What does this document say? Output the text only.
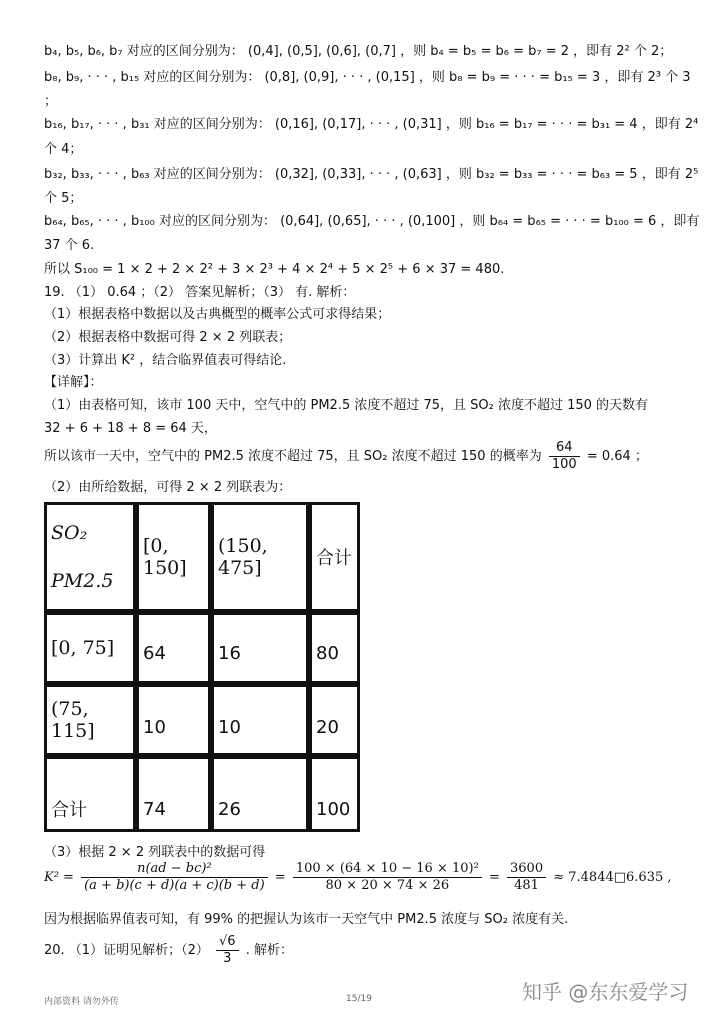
b₄, b₅, b₆, b₇ 对应的区间分别为： (0,4], (0,5], (0,6], (0,7] ，则 b₄ = b₅ = b₆ = b₇ = 2 ，即有 2² 个 2；
b₈, b₉, · · · , b₁₅ 对应的区间分别为： (0,8], (0,9], · · · , (0,15] ，则 b₈ = b₉ = · · · = b₁₅ = 3 ，即有 2³ 个 3
；
b₁₆, b₁₇, · · · , b₃₁ 对应的区间分别为： (0,16], (0,17], · · · , (0,31] ，则 b₁₆ = b₁₇ = · · · = b₃₁ = 4 ，即有 2⁴
个 4；
b₃₂, b₃₃, · · · , b₆₃ 对应的区间分别为： (0,32], (0,33], · · · , (0,63] ，则 b₃₂ = b₃₃ = · · · = b₆₃ = 5 ，即有 2⁵
个 5；
b₆₄, b₆₅, · · · , b₁₀₀ 对应的区间分别为： (0,64], (0,65], · · · , (0,100] ，则 b₆₄ = b₆₅ = · · · = b₁₀₀ = 6 ，即有
37 个 6.
所以 S₁₀₀ = 1 × 2 + 2 × 2² + 3 × 2³ + 4 × 2⁴ + 5 × 2⁵ + 6 × 37 = 480.
19. （1） 0.64 ；（2） 答案见解析；（3） 有. 解析：
（1）根据表格中数据以及古典概型的概率公式可求得结果；
（2）根据表格中数据可得 2 × 2 列联表；
（3）计算出 K² ，结合临界值表可得结论.
【详解】：
（1）由表格可知，该市 100 天中，空气中的 PM2.5 浓度不超过 75，且 SO₂ 浓度不超过 150 的天数有
32 + 6 + 18 + 8 = 64 天，
所以该市一天中，空气中的 PM2.5 浓度不超过 75，且 SO₂ 浓度不超过 150 的概率为 $\frac{64}{100} = 0.64$ ；
（2）由所给数据，可得 2 × 2 列联表为：
SO₂
PM2.5	[0, 150]	(150, 475]	合计
[0, 75]	64	16	80
(75, 115]	10	10	20
合计	74	26	100
（3）根据 2 × 2 列联表中的数据可得
$K^2 = \frac{\text{n(ad − bc)²}}{(a + b)(c + d)(a + c)(b + d)} = \frac{\text{100 × (64 × 10 − 16 × 10)²}}{80 \times 20 \times 74 \times 26} = \frac{3600}{481}$ ≈ 7.4844□6.635 ,
因为根据临界值表可知，有 99% 的把握认为该市一天空气中 PM2.5 浓度与 SO₂ 浓度有关.
20. （1）证明见解析；$(2) \frac{√6}{3}$ . 解析：
知乎 @东东爱学习
内部资料 请勿外传	15/19
